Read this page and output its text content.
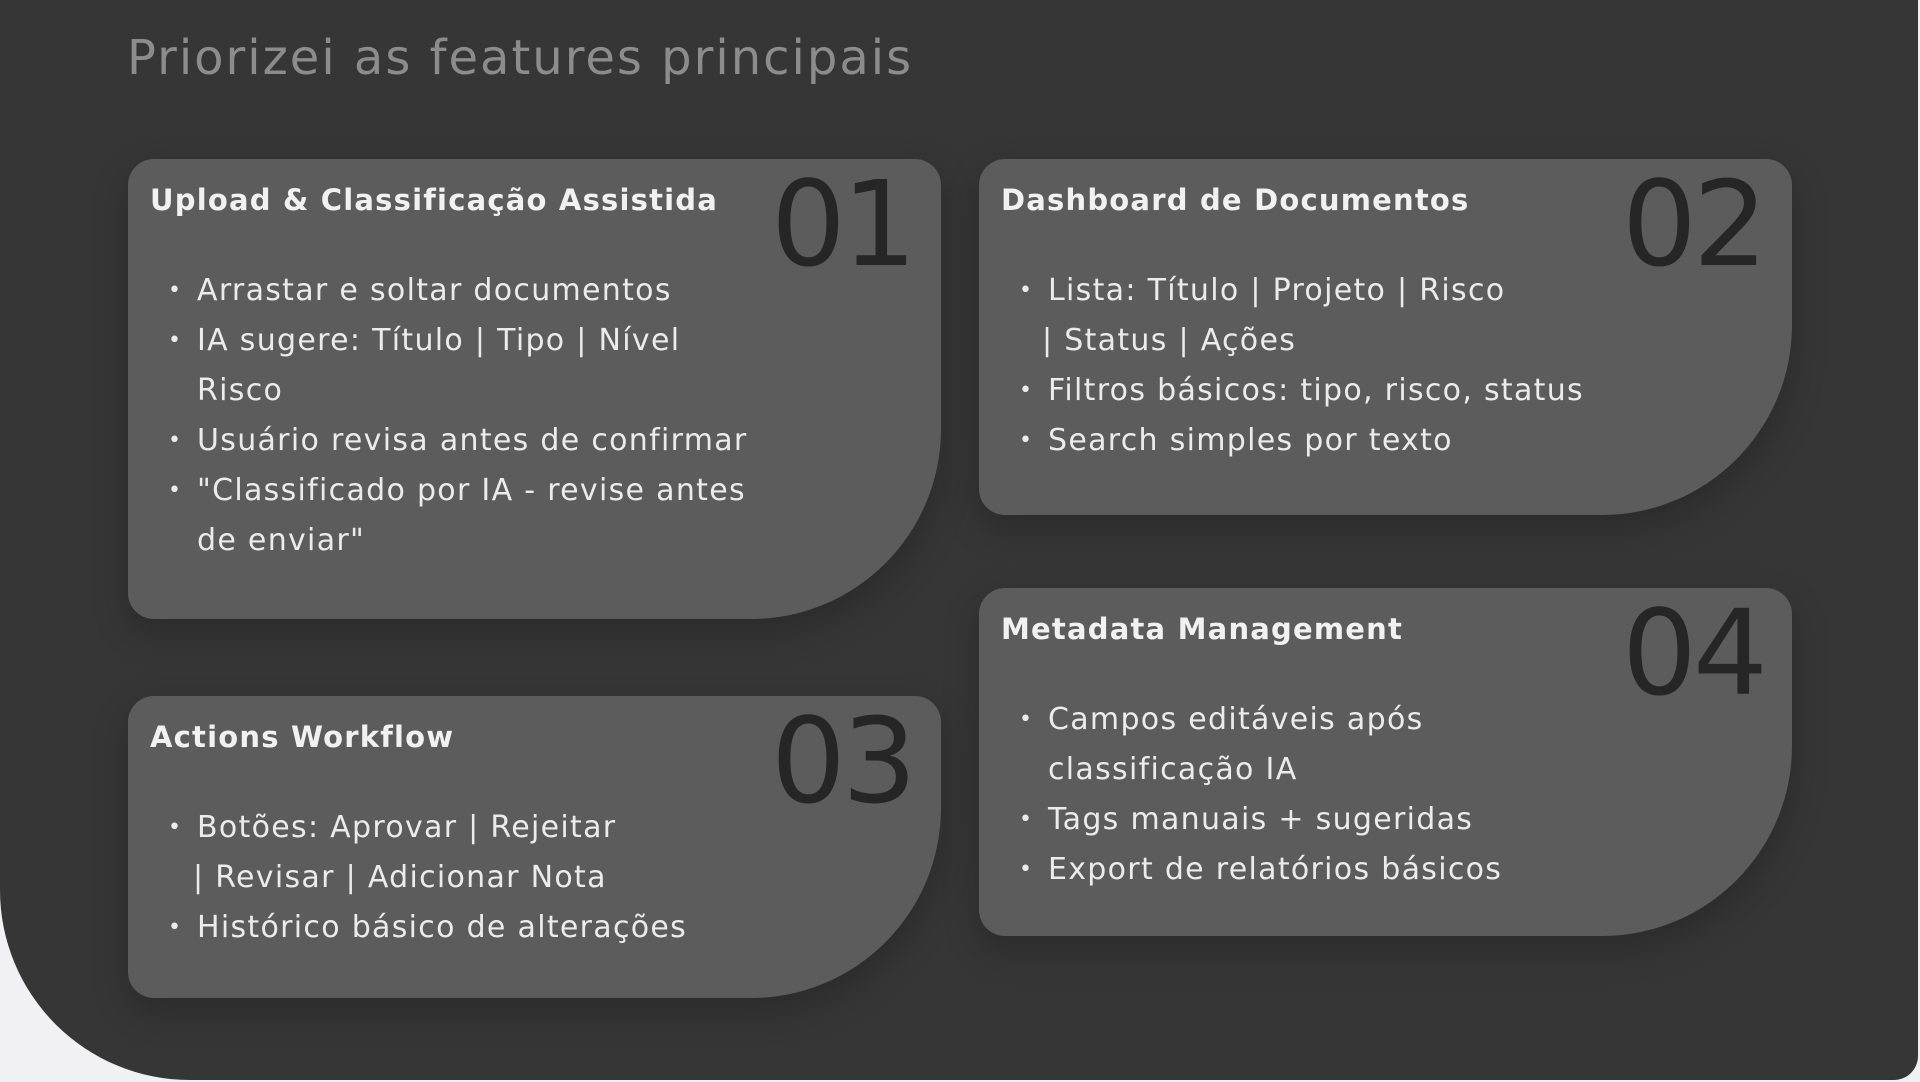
Priorizei as features principais
01
Upload & Classificação Assistida
• Arrastar e soltar documentos
• IA sugere: Título | Tipo | Nível
Risco
• Usuário revisa antes de confirmar
• "Classificado por IA - revise antes
de enviar"
02
Dashboard de Documentos
• Lista: Título | Projeto | Risco
| Status | Ações
• Filtros básicos: tipo, risco, status
• Search simples por texto
03
Actions Workflow
• Botões: Aprovar | Rejeitar
| Revisar | Adicionar Nota
• Histórico básico de alterações
04
Metadata Management
• Campos editáveis após
classificação IA
• Tags manuais + sugeridas
• Export de relatórios básicos
